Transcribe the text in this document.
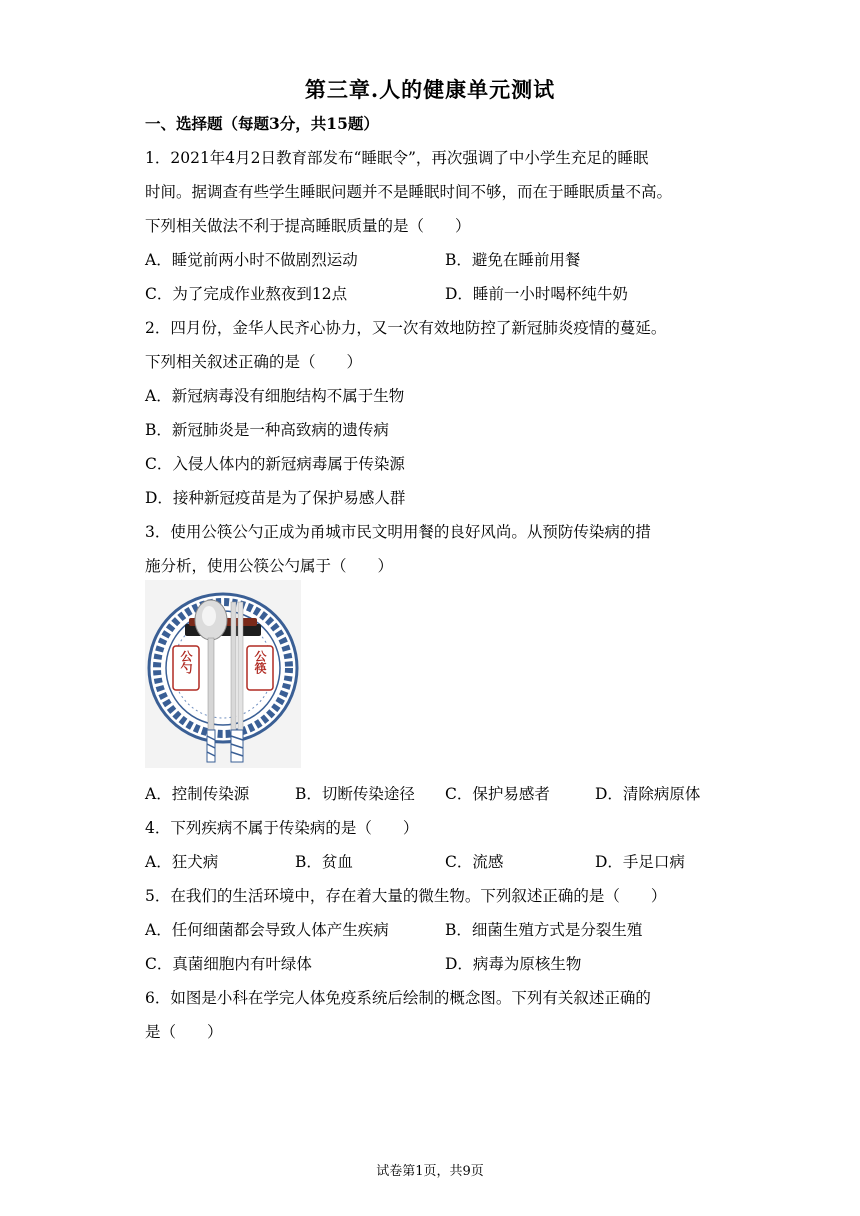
第三章.人的健康单元测试
一、选择题（每题3分，共15题）
1．2021年4月2日教育部发布“睡眠令”，再次强调了中小学生充足的睡眠
时间。据调查有些学生睡眠问题并不是睡眠时间不够，而在于睡眠质量不高。
下列相关做法不利于提高睡眠质量的是（　　）
A．睡觉前两小时不做剧烈运动	B．避免在睡前用餐
C．为了完成作业熬夜到12点	D．睡前一小时喝杯纯牛奶
2．四月份，金华人民齐心协力，又一次有效地防控了新冠肺炎疫情的蔓延。
下列相关叙述正确的是（　　）
A．新冠病毒没有细胞结构不属于生物
B．新冠肺炎是一种高致病的遗传病
C．入侵人体内的新冠病毒属于传染源
D．接种新冠疫苗是为了保护易感人群
3．使用公筷公勺正成为甬城市民文明用餐的良好风尚。从预防传染病的措
施分析，使用公筷公勺属于（　　）
公勺	公筷
A．控制传染源	B．切断传染途径 C．保护易感者	D．清除病原体
4．下列疾病不属于传染病的是（　　）
A．狂犬病	B．贫血	C．流感	D．手足口病
5．在我们的生活环境中，存在着大量的微生物。下列叙述正确的是（　　）
A．任何细菌都会导致人体产生疾病	B．细菌生殖方式是分裂生殖
C．真菌细胞内有叶绿体	D．病毒为原核生物
6．如图是小科在学完人体免疫系统后绘制的概念图。下列有关叙述正确的
是（　　）
试卷第1页，共9页
